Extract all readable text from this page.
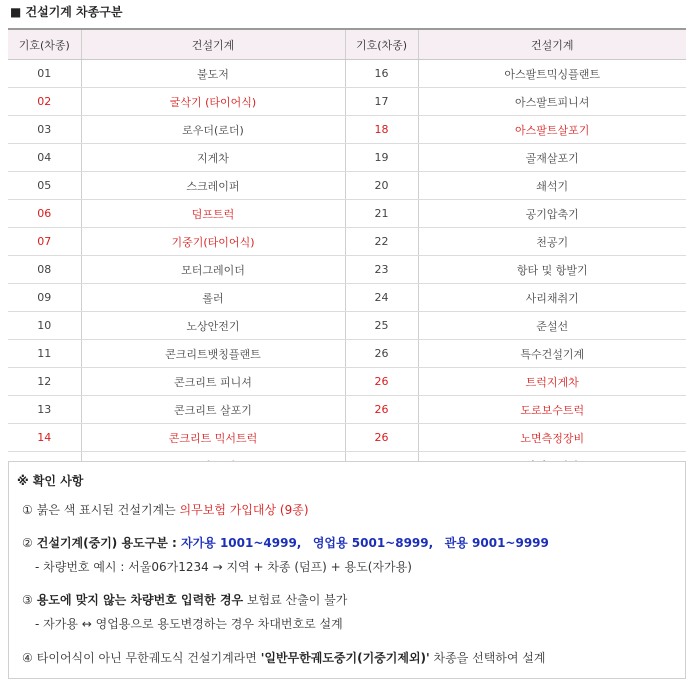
■ 건설기계 차종구분
기호(차종)	건설기계	기호(차종)	건설기계
01	불도저	16	아스팔트믹싱플랜트
02	굴삭기 (타이어식)	17	아스팔트피니셔
03	로우더(로더)	18	아스팔트살포기
04	지게차	19	골재살포기
05	스크레이퍼	20	쇄석기
06	덤프트럭	21	공기압축기
07	기중기(타이어식)	22	천공기
08	모터그레이더	23	항타 및 항발기
09	롤러	24	사리채취기
10	노상안전기	25	준설선
11	콘크리트뱃칭플랜트	26	특수건설기계
12	콘크리트 피니셔	26	트럭지게차
13	콘크리트 살포기	26	도로보수트럭
14	콘크리트 믹서트럭	26	노면측정장비

※ 확인 사항
① 붉은 색 표시된 건설기계는 의무보험 가입대상 (9종)
② 건설기계(중기) 용도구분 : 자가용 1001~4999, 영업용 5001~8999, 관용 9001~9999
- 차량번호 예시 : 서울06가1234 → 지역 + 차종 (덤프) + 용도(자가용)
③ 용도에 맞지 않는 차량번호 입력한 경우 보험료 산출이 불가
- 자가용 ↔ 영업용으로 용도변경하는 경우 차대번호로 설계
④ 타이어식이 아닌 무한궤도식 건설기계라면 '일반무한궤도중기(기중기제외)' 차종을 선택하여 설계
